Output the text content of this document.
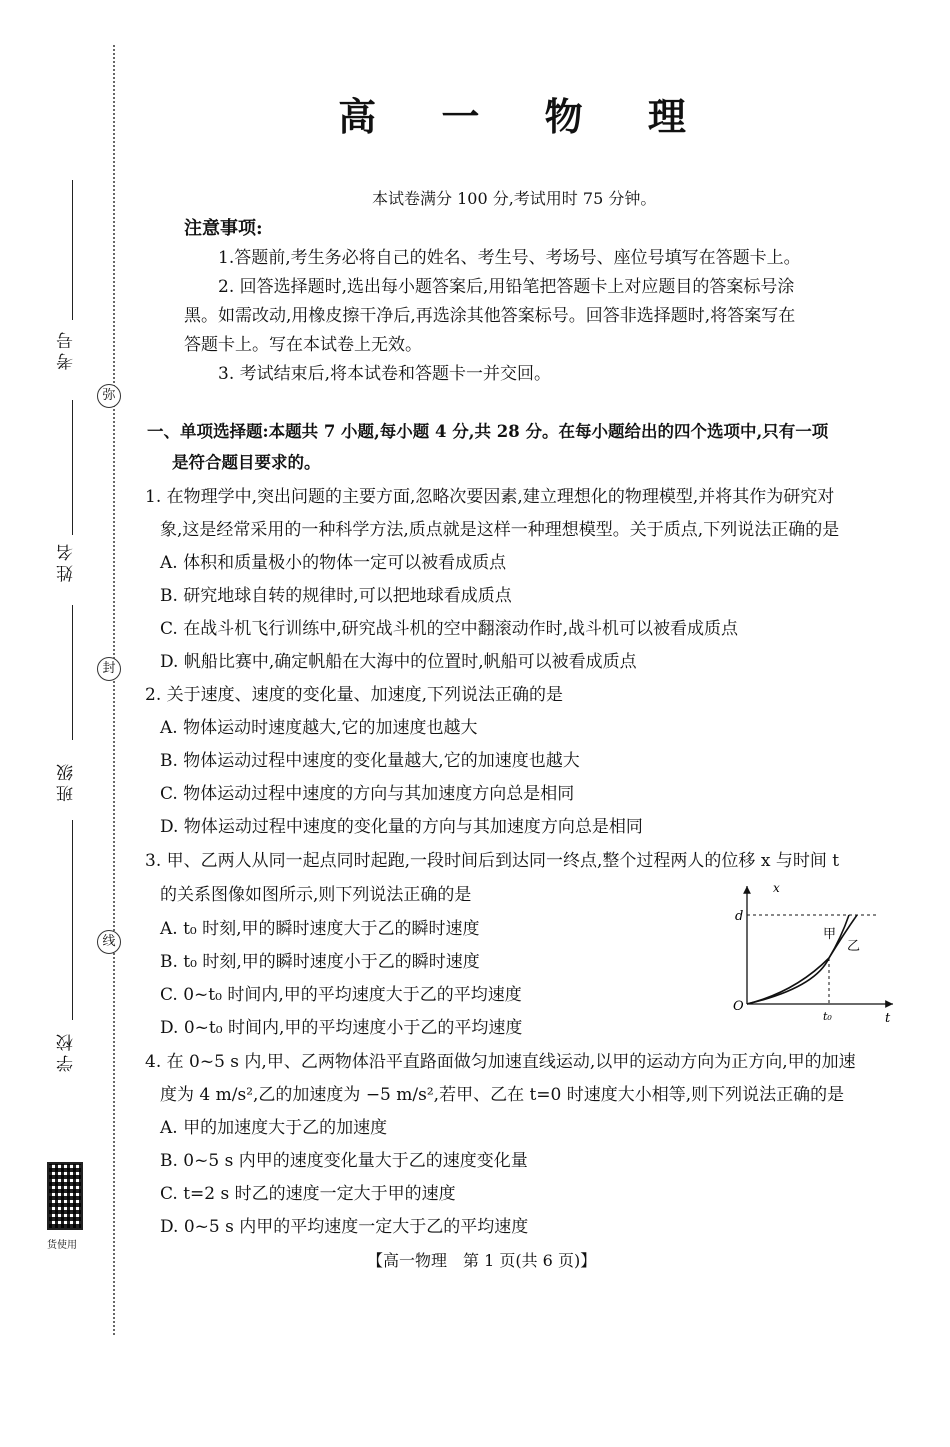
考号
弥
姓名
封
班级
线
学校
货使用
高 一 物 理
本试卷满分 100 分,考试用时 75 分钟。
注意事项:
1.答题前,考生务必将自己的姓名、考生号、考场号、座位号填写在答题卡上。
2. 回答选择题时,选出每小题答案后,用铅笔把答题卡上对应题目的答案标号涂
黑。如需改动,用橡皮擦干净后,再选涂其他答案标号。回答非选择题时,将答案写在
答题卡上。写在本试卷上无效。
3. 考试结束后,将本试卷和答题卡一并交回。
一、单项选择题:本题共 7 小题,每小题 4 分,共 28 分。在每小题给出的四个选项中,只有一项
是符合题目要求的。
1. 在物理学中,突出问题的主要方面,忽略次要因素,建立理想化的物理模型,并将其作为研究对
象,这是经常采用的一种科学方法,质点就是这样一种理想模型。关于质点,下列说法正确的是
A. 体积和质量极小的物体一定可以被看成质点
B. 研究地球自转的规律时,可以把地球看成质点
C. 在战斗机飞行训练中,研究战斗机的空中翻滚动作时,战斗机可以被看成质点
D. 帆船比赛中,确定帆船在大海中的位置时,帆船可以被看成质点
2. 关于速度、速度的变化量、加速度,下列说法正确的是
A. 物体运动时速度越大,它的加速度也越大
B. 物体运动过程中速度的变化量越大,它的加速度也越大
C. 物体运动过程中速度的方向与其加速度方向总是相同
D. 物体运动过程中速度的变化量的方向与其加速度方向总是相同
3. 甲、乙两人从同一起点同时起跑,一段时间后到达同一终点,整个过程两人的位移 x 与时间 t
的关系图像如图所示,则下列说法正确的是
A. t₀ 时刻,甲的瞬时速度大于乙的瞬时速度
B. t₀ 时刻,甲的瞬时速度小于乙的瞬时速度
C. 0~t₀ 时间内,甲的平均速度大于乙的平均速度
D. 0~t₀ 时间内,甲的平均速度小于乙的平均速度
x
d
O
t₀	t
甲
乙
4. 在 0~5 s 内,甲、乙两物体沿平直路面做匀加速直线运动,以甲的运动方向为正方向,甲的加速
度为 4 m/s²,乙的加速度为 −5 m/s²,若甲、乙在 t=0 时速度大小相等,则下列说法正确的是
A. 甲的加速度大于乙的加速度
B. 0~5 s 内甲的速度变化量大于乙的速度变化量
C. t=2 s 时乙的速度一定大于甲的速度
D. 0~5 s 内甲的平均速度一定大于乙的平均速度
【高一物理　第 1 页(共 6 页)】
